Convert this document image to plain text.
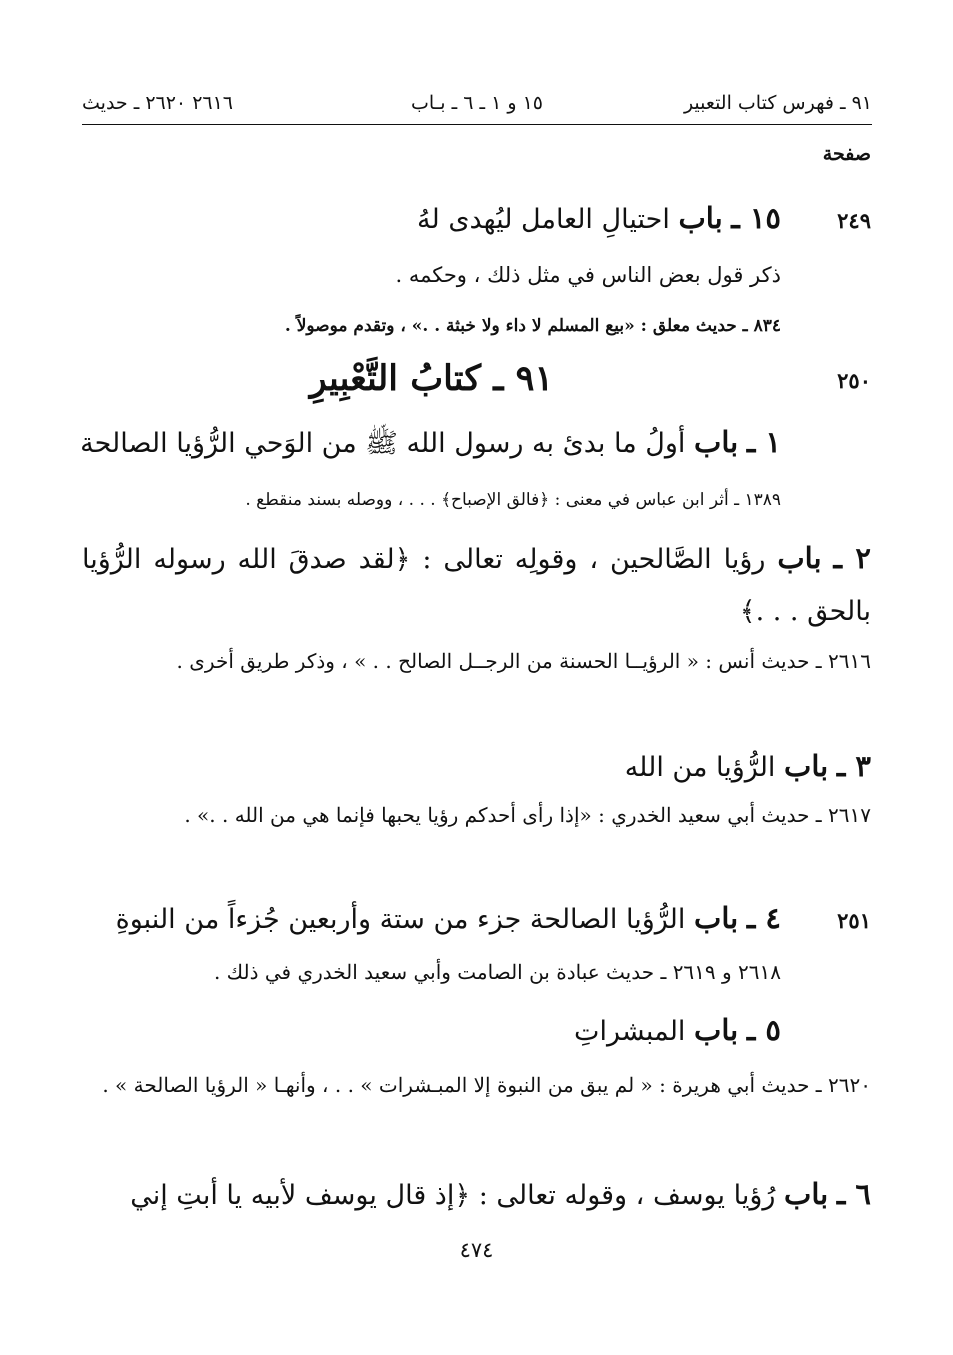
٩١ ـ فهرس كتاب التعبير
١٥ و ١ ـ ٦ ـ بـاب
٢٦١٦ ٢٦٢٠ ـ حديث
صفحة
٢٤٩
١٥ ـ باب احتيالِ العامل ليُهدى لهُ
ذكر قول بعض الناس في مثل ذلك ، وحكمه .
٨٣٤ ـ حديث معلق : «بيع المسلم لا داء ولا خبثة . .» ، وتقدم موصولاً .
٢٥٠
٩١ ـ كتابُ التَّعْبِيرِ
١ ـ باب أولُ ما بدئ به رسول الله ﷺ من الوَحي الرُّؤيا الصالحة
١٣٨٩ ـ أثر ابن عباس في معنى : ﴿فالق الإصباح﴾ . . . ، ووصله بسند منقطع .
٢ ـ باب رؤيا الصَّالحين ، وقولِه تعالى : ﴿لقد صدقَ الله رسوله الرُّؤيا بالحق . . .﴾
٢٦١٦ ـ حديث أنس : « الرؤيــا الحسنة من الرجــل الصالح . . » ، وذكر طريق أخرى .
٣ ـ باب الرُّؤيا من الله
٢٦١٧ ـ حديث أبي سعيد الخدري : «إذا رأى أحدكم رؤيا يحبها فإنما هي من الله . .» .
٢٥١
٤ ـ باب الرُّؤيا الصالحة جزء من ستة وأربعين جُزءاً من النبوةِ
٢٦١٨ و ٢٦١٩ ـ حديث عبادة بن الصامت وأبي سعيد الخدري في ذلك .
٥ ـ باب المبشراتِ
٢٦٢٠ ـ حديث أبي هريرة : « لم يبق من النبوة إلا المبـشرات » . . ، وأنهـا « الرؤيا الصالحة » .
٦ ـ باب رُؤيا يوسف ، وقوله تعالى : ﴿إذ قال يوسف لأبيه يا أبتِ إني
٤٧٤
